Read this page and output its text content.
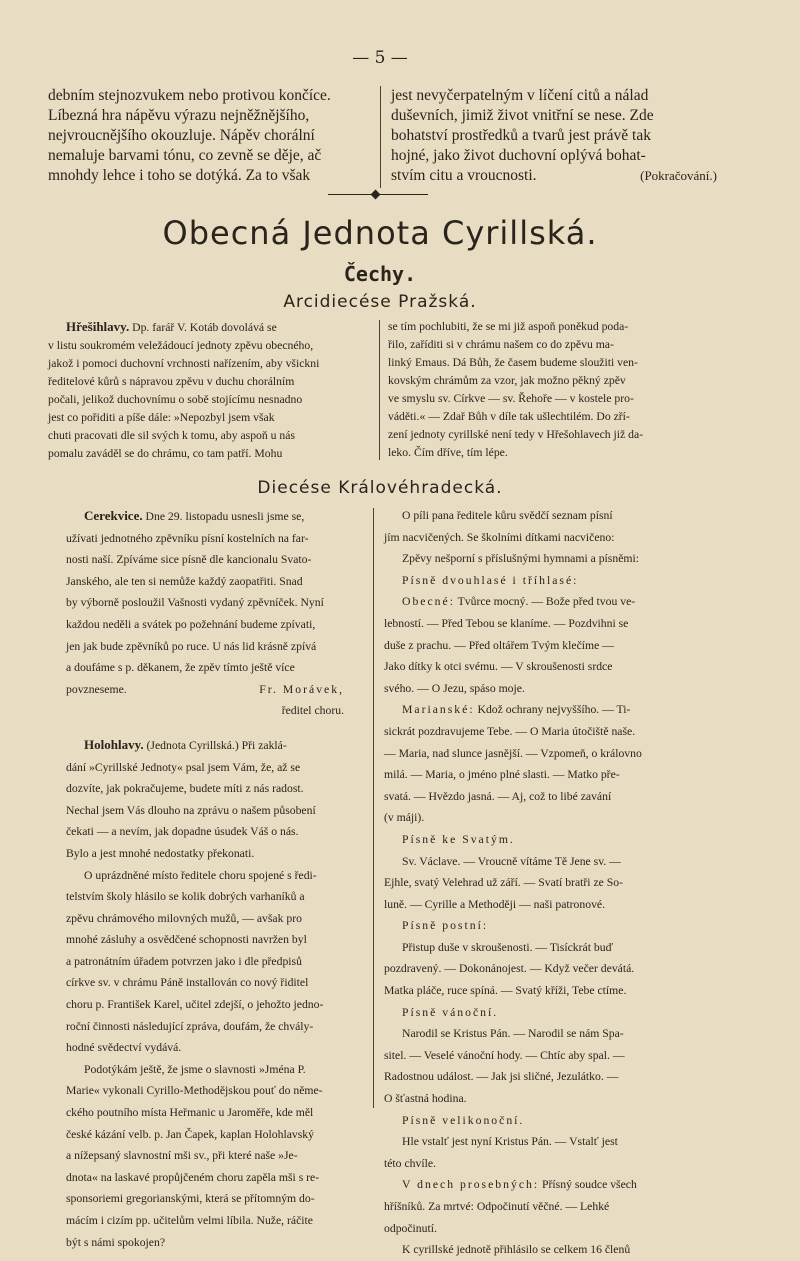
— 5 —

debním stejnozvukem nebo protivou končíce.

Líbezná hra nápěvu výrazu nejněžnějšího,

nejvroucnějšího okouzluje. Nápěv chorální

nemaluje barvami tónu, co zevně se děje, ač

mnohdy lehce i toho se dotýká. Za to však

jest nevyčerpatelným v líčení citů a nálad

duševních, jimiž život vnitřní se nese. Zde

bohatství prostředků a tvarů jest právě tak

hojné, jako život duchovní oplývá bohat-

stvím citu a vroucnosti.	(Pokračování.)

Obecná Jednota Cyrillská.
Čechy.
Arcidiecése Pražská.

Hřešihlavy. Dp. farář V. Kotáb dovolává se

v listu soukromém veležádoucí jednoty zpěvu obecného,

jakož i pomoci duchovní vrchnosti nařízením, aby všickni

ředitelové kůrů s nápravou zpěvu v duchu chorálním

počali, jelikož duchovnímu o sobě stojícímu nesnadno

jest co pořiditi a píše dále: »Nepozbyl jsem však

chuti pracovati dle sil svých k tomu, aby aspoň u nás

pomalu zaváděl se do chrámu, co tam patří. Mohu

se tím pochlubiti, že se mi již aspoň poněkud poda-

řilo, zaříditi si v chrámu našem co do zpěvu ma-

linký Emaus. Dá Bůh, že časem budeme sloužiti ven-

kovským chrámům za vzor, jak možno pěkný zpěv

ve smyslu sv. Církve — sv. Řehoře — v kostele pro-

váděti.« — Zdař Bůh v díle tak ušlechtilém. Do zří-

zení jednoty cyrillské není tedy v Hřešohlavech již da-

leko. Čím dříve, tím lépe.

Diecése Královéhradecká.

Cerekvice. Dne 29. listopadu usnesli jsme se,

užívati jednotného zpěvníku písní kostelních na far-

nosti naší. Zpíváme sice písně dle kancionalu Svato-

Janského, ale ten si nemůže každý zaopatřiti. Snad

by výborně posloužil Vašnosti vydaný zpěvníček. Nyní

každou neděli a svátek po požehnání budeme zpívati,

jen jak bude zpěvníků po ruce. U nás lid krásně zpívá

a doufáme s p. děkanem, že zpěv tímto ještě více

povzneseme.	Fr. Morávek,

ředitel choru.

Holohlavy. (Jednota Cyrillská.) Při zaklá-

dání »Cyrillské Jednoty« psal jsem Vám, že, až se

dozvíte, jak pokračujeme, budete míti z nás radost.

Nechal jsem Vás dlouho na zprávu o našem působení

čekati — a nevím, jak dopadne úsudek Váš o nás.

Bylo a jest mnohé nedostatky překonati.

O uprázdněné místo ředitele choru spojené s ředi-

telstvím školy hlásilo se kolik dobrých varhaníků a

zpěvu chrámového milovných mužů, — avšak pro

mnohé zásluhy a osvědčené schopnosti navržen byl

a patronátním úřadem potvrzen jako i dle předpisů

církve sv. v chrámu Páně installován co nový řiditel

choru p. František Karel, učitel zdejší, o jehožto jedno-

roční činnosti následující zpráva, doufám, že chvály-

hodné svědectví vydává.

Podotýkám ještě, že jsme o slavnosti »Jména P.

Marie« vykonali Cyrillo-Methodějskou pouť do něme-

ckého poutního místa Heřmanic u Jaroměře, kde měl

české kázání velb. p. Jan Čapek, kaplan Holohlavský

a nížepsaný slavnostní mši sv., při které naše »Je-

dnota« na laskavé propůjčeném choru zapěla mši s re-

sponsoriemi gregorianskými, která se přítomným do-

mácím i cizím pp. učitelům velmi líbila. Nuže, ráčite

být s námi spokojen?

O píli pana ředitele kůru svědčí seznam písní

jím nacvičených. Se školními dítkami nacvičeno:

Zpěvy nešporní s příslušnými hymnami a písněmi:

Písně dvouhlasé i tříhlasé:

Obecné: Tvůrce mocný. — Bože před tvou ve-

lebností. — Před Tebou se klaníme. — Pozdvihni se

duše z prachu. — Před oltářem Tvým klečíme —

Jako dítky k otci svému. — V skroušenosti srdce

svého. — O Jezu, spáso moje.

Marianské: Kdož ochrany nejvyššího. — Ti-

sickrát pozdravujeme Tebe. — O Maria útočiště naše.

— Maria, nad slunce jasnější. — Vzpomeň, o královno

milá. — Maria, o jméno plné slasti. — Matko pře-

svatá. — Hvězdo jasná. — Aj, což to libé zavání

(v máji).

Písně ke Svatým.

Sv. Václave. — Vroucně vítáme Tě Jene sv. —

Ejhle, svatý Velehrad už září. — Svatí bratři ze So-

luně. — Cyrille a Methoději — naši patronové.

Písně postní:

Přistup duše v skroušenosti. — Tisíckrát buď

pozdravený. — Dokonánojest. — Když večer devátá.

Matka pláče, ruce spíná. — Svatý kříži, Tebe ctíme.

Písně vánoční.

Narodil se Kristus Pán. — Narodil se nám Spa-

sitel. — Veselé vánoční hody. — Chtíc aby spal. —

Radostnou událost. — Jak jsi sličné, Jezulátko. —

O šťastná hodina.

Písně velikonoční.

Hle vstalť jest nyní Kristus Pán. — Vstalť jest

této chvíle.

V dnech prosebných: Přísný soudce všech

hříšníků. Za mrtvé: Odpočinutí věčné. — Lehké

odpočinutí.

K cyrillské jednotě přihlásilo se celkem 16 členů
